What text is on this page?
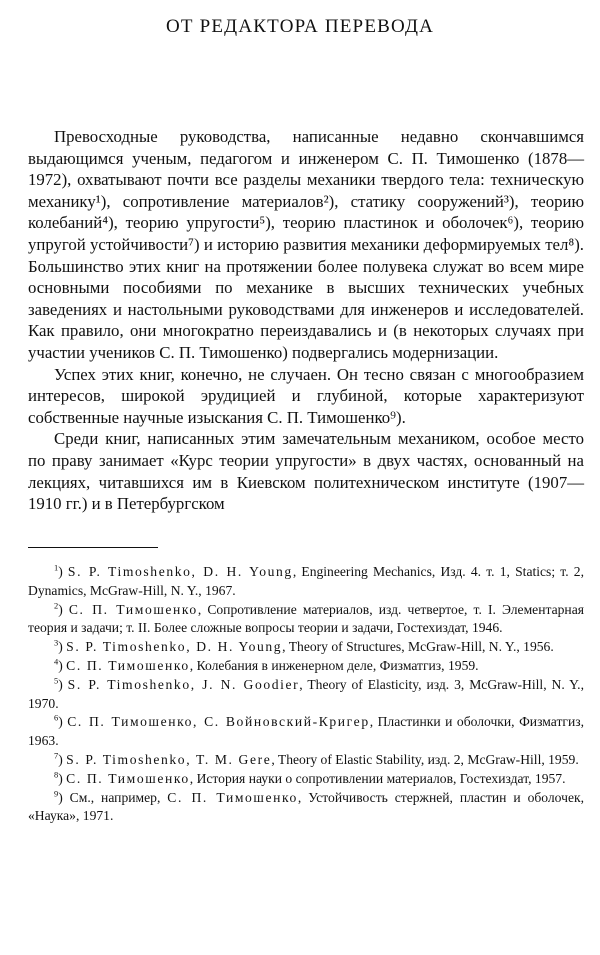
ОТ РЕДАКТОРА ПЕРЕВОДА

Превосходные руководства, написанные недавно скончавшимся выдающимся ученым, педагогом и инженером С. П. Тимошенко (1878—1972), охватывают почти все разделы механики твердого тела: техническую механику¹), сопротивление материалов²), статику сооружений³), теорию колебаний⁴), теорию упругости⁵), теорию пластинок и оболочек⁶), теорию упругой устойчивости⁷) и историю развития механики деформируемых тел⁸). Большинство этих книг на протяжении более полувека служат во всем мире основными пособиями по механике в высших технических учебных заведениях и настольными руководствами для инженеров и исследователей. Как правило, они многократно переиздавались и (в некоторых случаях при участии учеников С. П. Тимошенко) подвергались модернизации.

Успех этих книг, конечно, не случаен. Он тесно связан с многообразием интересов, широкой эрудицией и глубиной, которые характеризуют собственные научные изыскания С. П. Тимошенко⁹).

Среди книг, написанных этим замечательным механиком, особое место по праву занимает «Курс теории упругости» в двух частях, основанный на лекциях, читавшихся им в Киевском политехническом институте (1907—1910 гг.) и в Петербургском

$^1$) S. P. Timoshenko, D. H. Young, Engineering Mechanics, Изд. 4. т. 1, Statics; т. 2, Dynamics, McGraw-Hill, N. Y., 1967.

$^2$) С. П. Тимошенко, Сопротивление материалов, изд. четвертое, т. I. Элементарная теория и задачи; т. II. Более сложные вопросы теории и задачи, Гостехиздат, 1946.

$^3$) S. P. Timoshenko, D. H. Young, Theory of Structures, McGraw-Hill, N. Y., 1956.

$^4$) С. П. Тимошенко, Колебания в инженерном деле, Физматгиз, 1959.

$^5$) S. P. Timoshenko, J. N. Goodier, Theory of Elasticity, изд. 3, McGraw-Hill, N. Y., 1970.

$^6$) С. П. Тимошенко, С. Войновский-Кригер, Пластинки и оболочки, Физматгиз, 1963.

$^7$) S. P. Timoshenko, T. M. Gere, Theory of Elastic Stability, изд. 2, McGraw-Hill, 1959.

$^8$) С. П. Тимошенко, История науки о сопротивлении материалов, Гостехиздат, 1957.

$^9$) См., например, С. П. Тимошенко, Устойчивость стержней, пластин и оболочек, «Наука», 1971.
